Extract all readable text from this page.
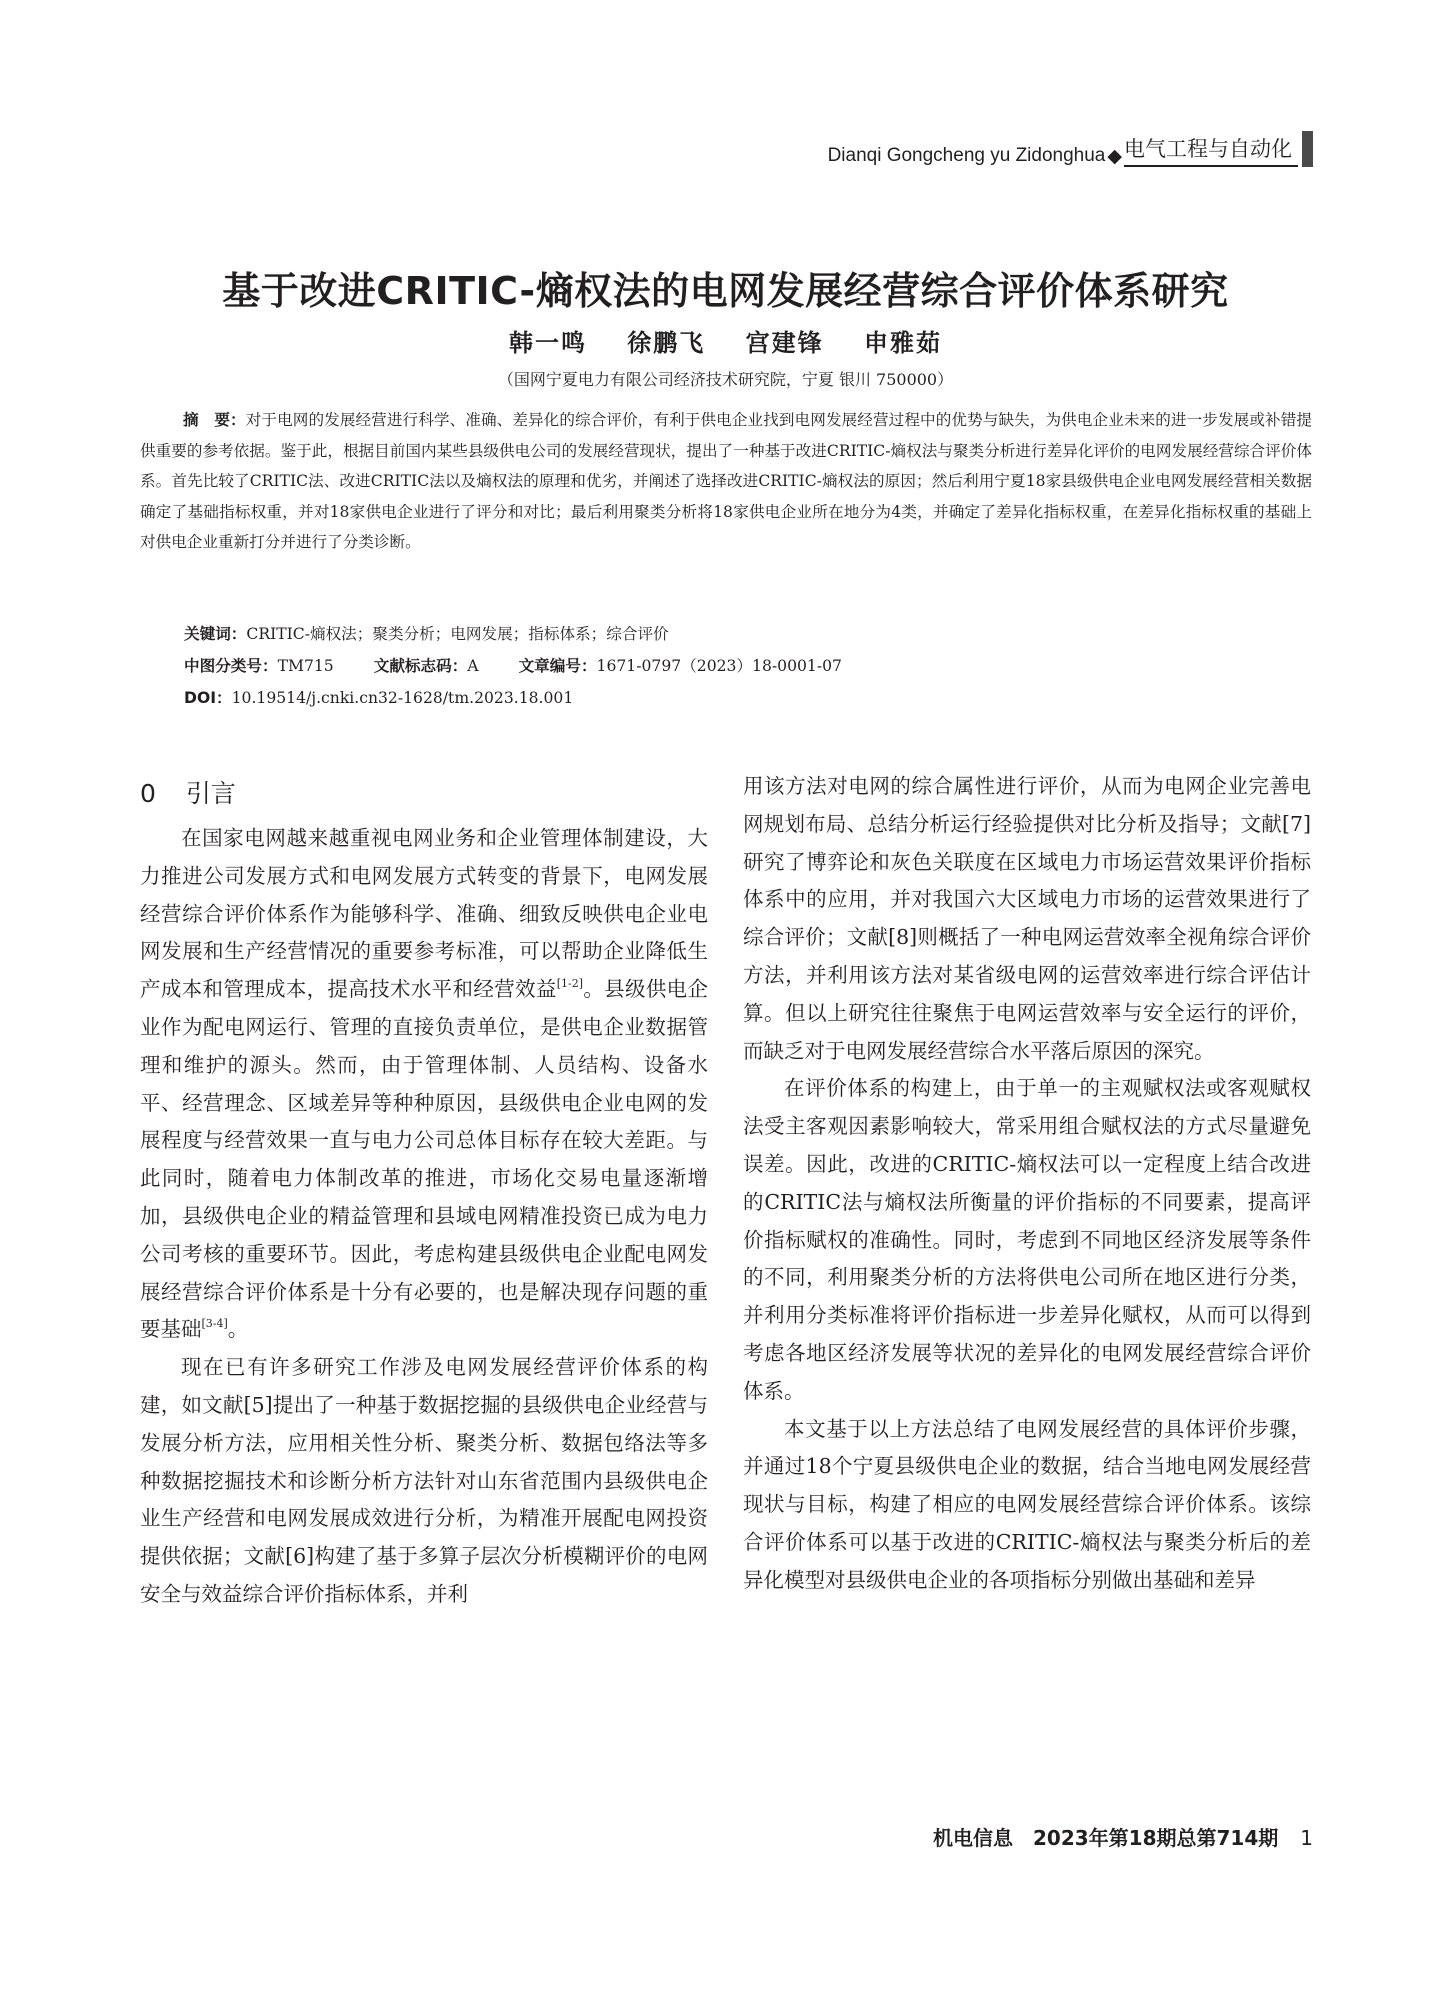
Dianqi Gongcheng yu Zidonghua ◆ 电气工程与自动化
基于改进CRITIC-熵权法的电网发展经营综合评价体系研究
韩一鸣 徐鹏飞 宫建锋 申雅茹
（国网宁夏电力有限公司经济技术研究院，宁夏 银川 750000）
摘　要：对于电网的发展经营进行科学、准确、差异化的综合评价，有利于供电企业找到电网发展经营过程中的优势与缺失，为供电企业未来的进一步发展或补错提供重要的参考依据。鉴于此，根据目前国内某些县级供电公司的发展经营现状，提出了一种基于改进CRITIC-熵权法与聚类分析进行差异化评价的电网发展经营综合评价体系。首先比较了CRITIC法、改进CRITIC法以及熵权法的原理和优劣，并阐述了选择改进CRITIC-熵权法的原因；然后利用宁夏18家县级供电企业电网发展经营相关数据确定了基础指标权重，并对18家供电企业进行了评分和对比；最后利用聚类分析将18家供电企业所在地分为4类，并确定了差异化指标权重，在差异化指标权重的基础上对供电企业重新打分并进行了分类诊断。
关键词：CRITIC-熵权法；聚类分析；电网发展；指标体系；综合评价
中图分类号：TM715	文献标志码：A	文章编号：1671-0797（2023）18-0001-07
DOI：10.19514/j.cnki.cn32-1628/tm.2023.18.001
0 引言

在国家电网越来越重视电网业务和企业管理体制建设，大力推进公司发展方式和电网发展方式转变的背景下，电网发展经营综合评价体系作为能够科学、准确、细致反映供电企业电网发展和生产经营情况的重要参考标准，可以帮助企业降低生产成本和管理成本，提高技术水平和经营效益[1-2]。县级供电企业作为配电网运行、管理的直接负责单位，是供电企业数据管理和维护的源头。然而，由于管理体制、人员结构、设备水平、经营理念、区域差异等种种原因，县级供电企业电网的发展程度与经营效果一直与电力公司总体目标存在较大差距。与此同时，随着电力体制改革的推进，市场化交易电量逐渐增加，县级供电企业的精益管理和县域电网精准投资已成为电力公司考核的重要环节。因此，考虑构建县级供电企业配电网发展经营综合评价体系是十分有必要的，也是解决现存问题的重要基础[3-4]。

现在已有许多研究工作涉及电网发展经营评价体系的构建，如文献[5]提出了一种基于数据挖掘的县级供电企业经营与发展分析方法，应用相关性分析、聚类分析、数据包络法等多种数据挖掘技术和诊断分析方法针对山东省范围内县级供电企业生产经营和电网发展成效进行分析，为精准开展配电网投资提供依据；文献[6]构建了基于多算子层次分析模糊评价的电网安全与效益综合评价指标体系，并利

用该方法对电网的综合属性进行评价，从而为电网企业完善电网规划布局、总结分析运行经验提供对比分析及指导；文献[7]研究了博弈论和灰色关联度在区域电力市场运营效果评价指标体系中的应用，并对我国六大区域电力市场的运营效果进行了综合评价；文献[8]则概括了一种电网运营效率全视角综合评价方法，并利用该方法对某省级电网的运营效率进行综合评估计算。但以上研究往往聚焦于电网运营效率与安全运行的评价，而缺乏对于电网发展经营综合水平落后原因的深究。

在评价体系的构建上，由于单一的主观赋权法或客观赋权法受主客观因素影响较大，常采用组合赋权法的方式尽量避免误差。因此，改进的CRITIC-熵权法可以一定程度上结合改进的CRITIC法与熵权法所衡量的评价指标的不同要素，提高评价指标赋权的准确性。同时，考虑到不同地区经济发展等条件的不同，利用聚类分析的方法将供电公司所在地区进行分类，并利用分类标准将评价指标进一步差异化赋权，从而可以得到考虑各地区经济发展等状况的差异化的电网发展经营综合评价体系。

本文基于以上方法总结了电网发展经营的具体评价步骤，并通过18个宁夏县级供电企业的数据，结合当地电网发展经营现状与目标，构建了相应的电网发展经营综合评价体系。该综合评价体系可以基于改进的CRITIC-熵权法与聚类分析后的差异化模型对县级供电企业的各项指标分别做出基础和差异

机电信息　2023年第18期总第714期 1
